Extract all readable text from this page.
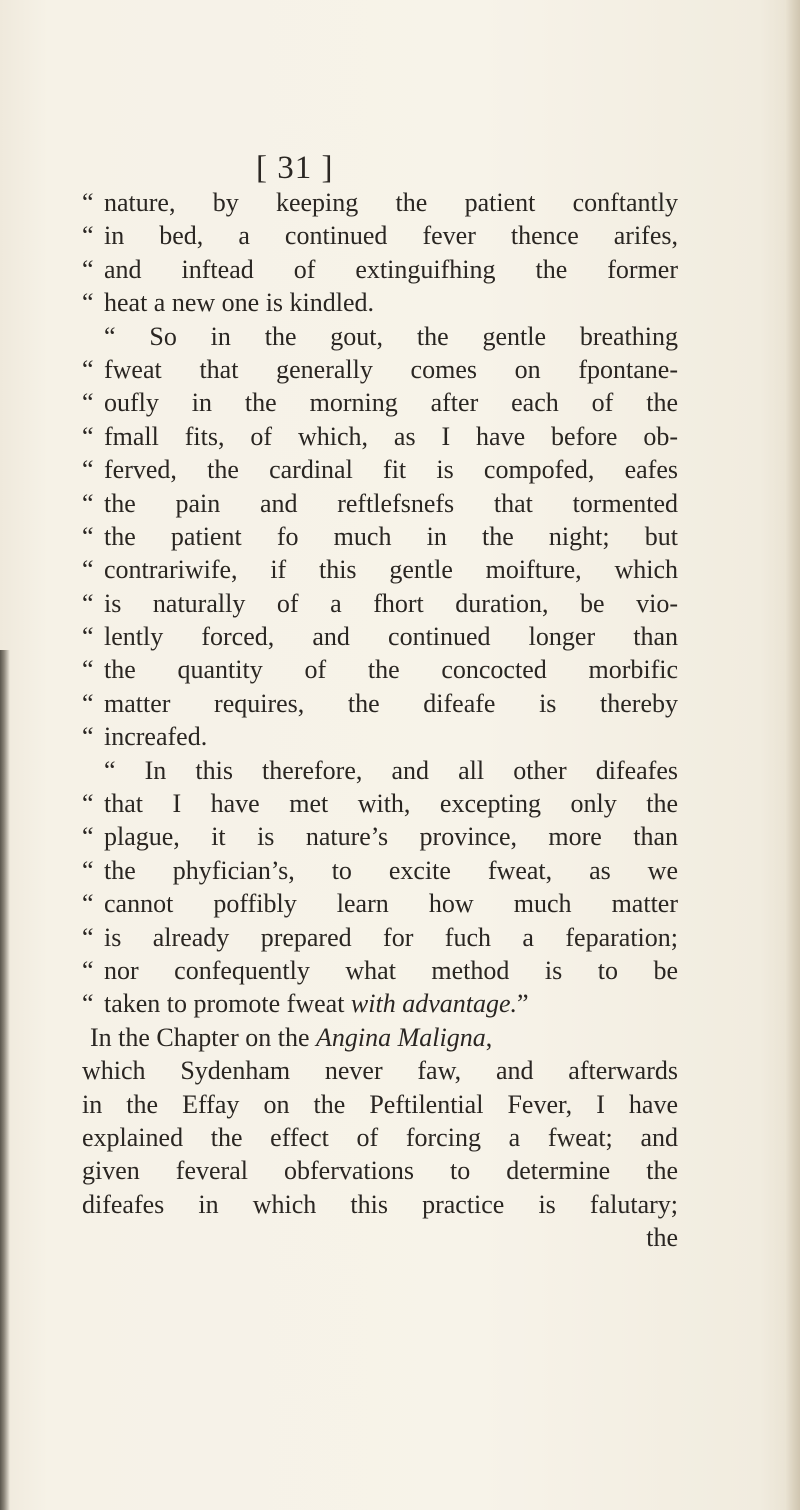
[ 31 ]
“ nature, by keeping the patient conftantly
“ in bed, a continued fever thence arifes,
“ and inftead of extinguifhing the former
“ heat a new one is kindled.
“ So in the gout, the gentle breathing
“ fweat that generally comes on fpontane-
“ oufly in the morning after each of the
“ fmall fits, of which, as I have before ob-
“ ferved, the cardinal fit is compofed, eafes
“ the pain and reftlefsnefs that tormented
“ the patient fo much in the night; but
“ contrariwife, if this gentle moifture, which
“ is naturally of a fhort duration, be vio-
“ lently forced, and continued longer than
“ the quantity of the concocted morbific
“ matter requires, the difeafe is thereby
“ increafed.
“ In this therefore, and all other difeafes
“ that I have met with, excepting only the
“ plague, it is nature’s province, more than
“ the phyfician’s, to excite fweat, as we
“ cannot poffibly learn how much matter
“ is already prepared for fuch a feparation;
“ nor confequently what method is to be
“ taken to promote fweat with advantage.”
In the Chapter on the Angina Maligna,
which Sydenham never faw, and afterwards
in the Effay on the Peftilential Fever, I have
explained the effect of forcing a fweat; and
given feveral obfervations to determine the
difeafes in which this practice is falutary;
the
